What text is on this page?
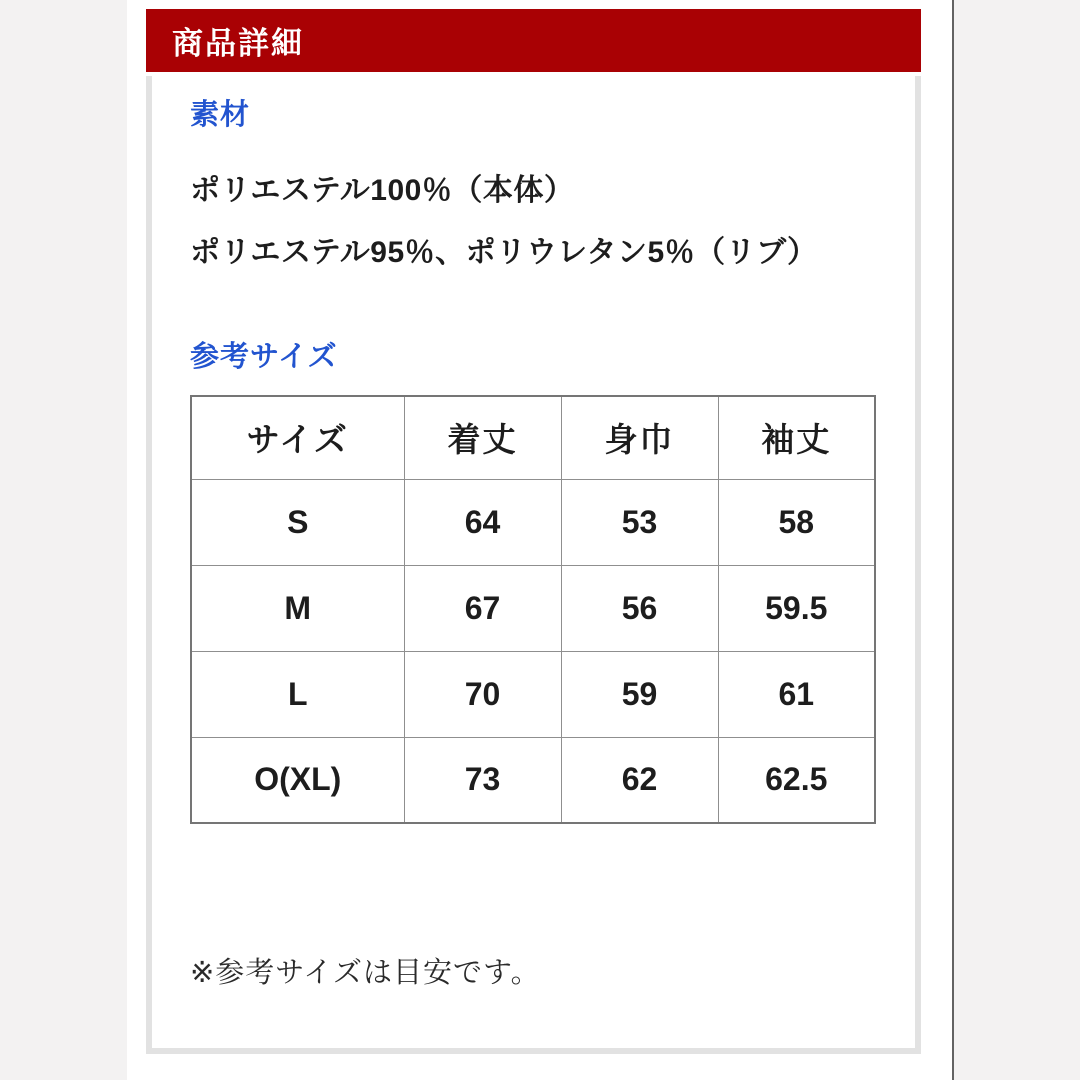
商品詳細
素材
ポリエステル100％（本体）
ポリエステル95％、ポリウレタン5％（リブ）
参考サイズ
サイズ	着丈	身巾	袖丈
S	64	53	58
M	67	56	59.5
L	70	59	61
O(XL)	73	62	62.5
※参考サイズは目安です。
